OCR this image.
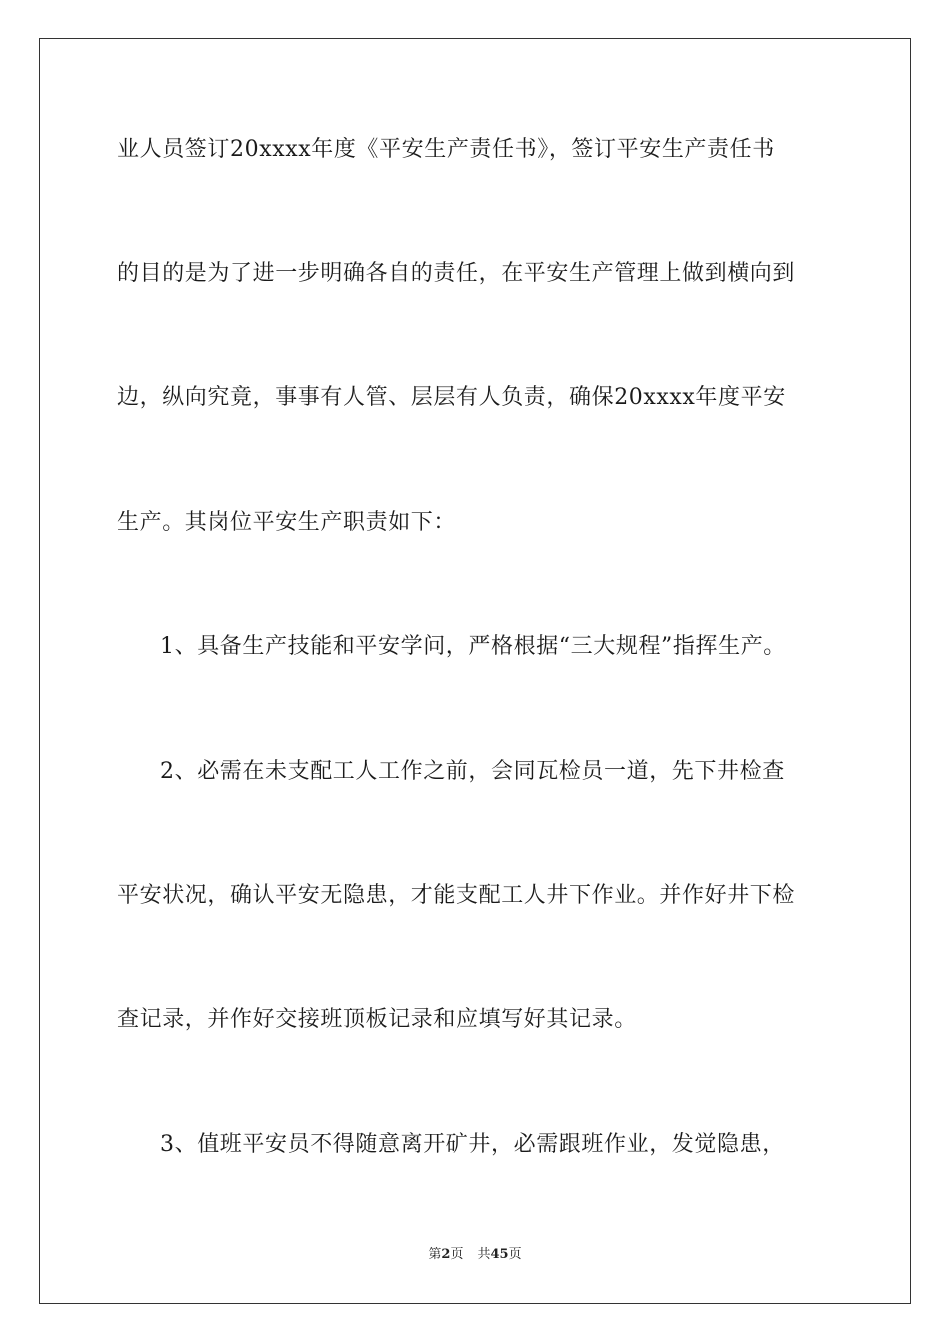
业人员签订20xxxx年度《平安生产责任书》，签订平安生产责任书
的目的是为了进一步明确各自的责任，在平安生产管理上做到横向到
边，纵向究竟，事事有人管、层层有人负责，确保20xxxx年度平安
生产。其岗位平安生产职责如下：
1、具备生产技能和平安学问，严格根据“三大规程”指挥生产。
2、必需在未支配工人工作之前，会同瓦检员一道，先下井检查
平安状况，确认平安无隐患，才能支配工人井下作业。并作好井下检
查记录，并作好交接班顶板记录和应填写好其记录。
3、值班平安员不得随意离开矿井，必需跟班作业，发觉隐患，
第2页 共45页
